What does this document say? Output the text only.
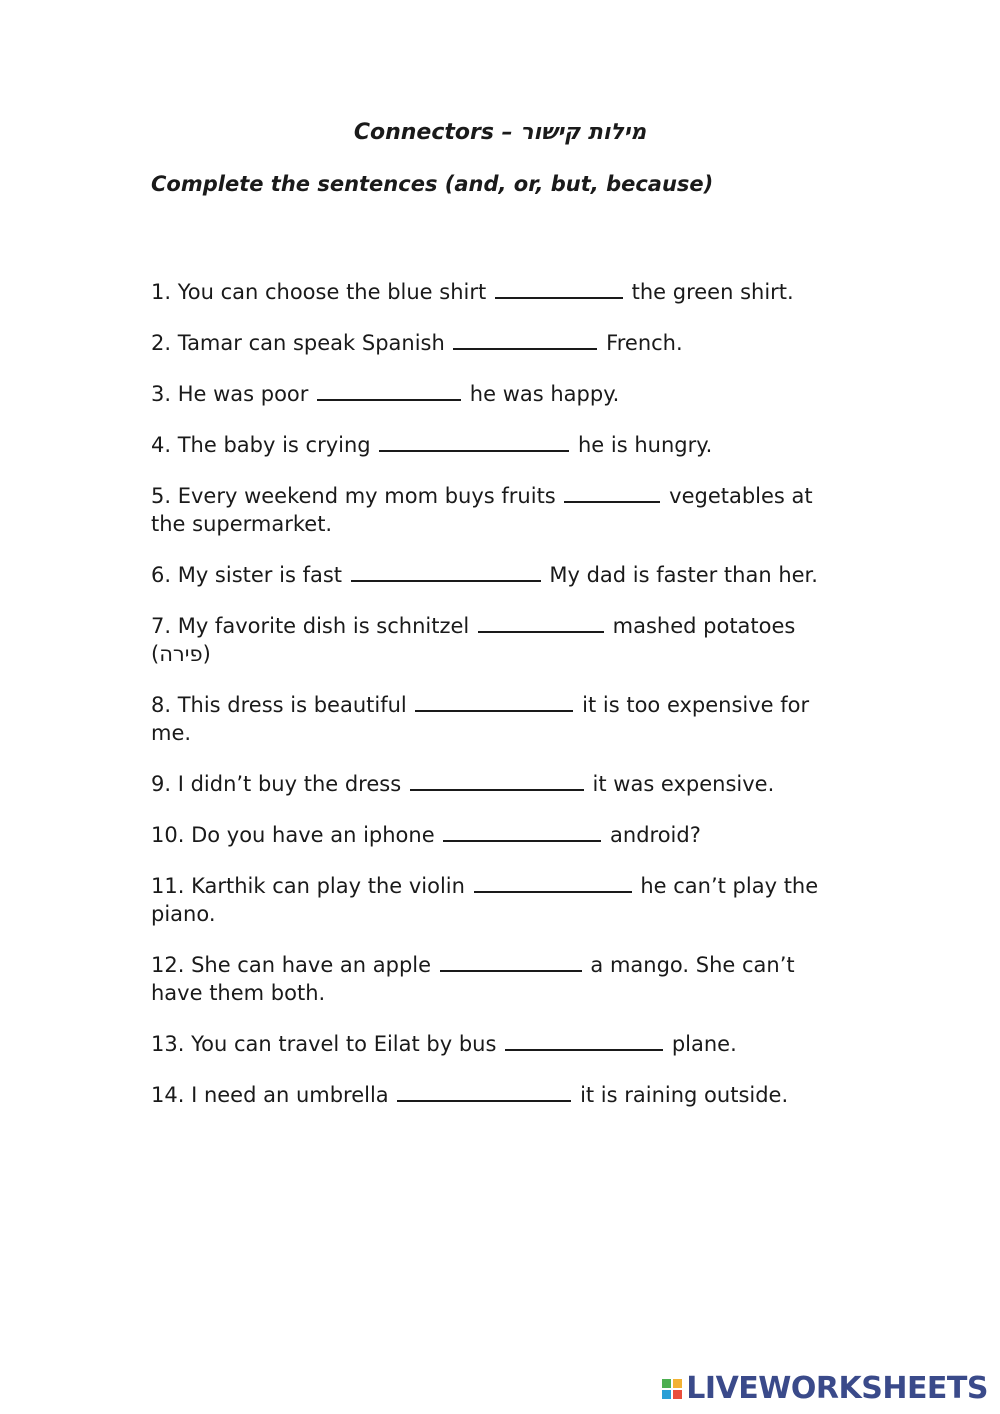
Connectors – מילות קישור

Complete the sentences (and, or, but, because)

1. You can choose the blue shirt	the green shirt.
2. Tamar can speak Spanish	French.
3. He was poor	he was happy.
4. The baby is crying	he is hungry.
5. Every weekend my mom buys fruits	vegetables at the supermarket.
6. My sister is fast	My dad is faster than her.
7. My favorite dish is schnitzel	mashed potatoes (פירה)
8. This dress is beautiful	it is too expensive for me.
9. I didn’t buy the dress	it was expensive.
10. Do you have an iphone	android?
11. Karthik can play the violin	he can’t play the piano.
12. She can have an apple	a mango. She can’t have them both.
13. You can travel to Eilat by bus	plane.
14. I need an umbrella	it is raining outside.
LIVEWORKSHEETS
